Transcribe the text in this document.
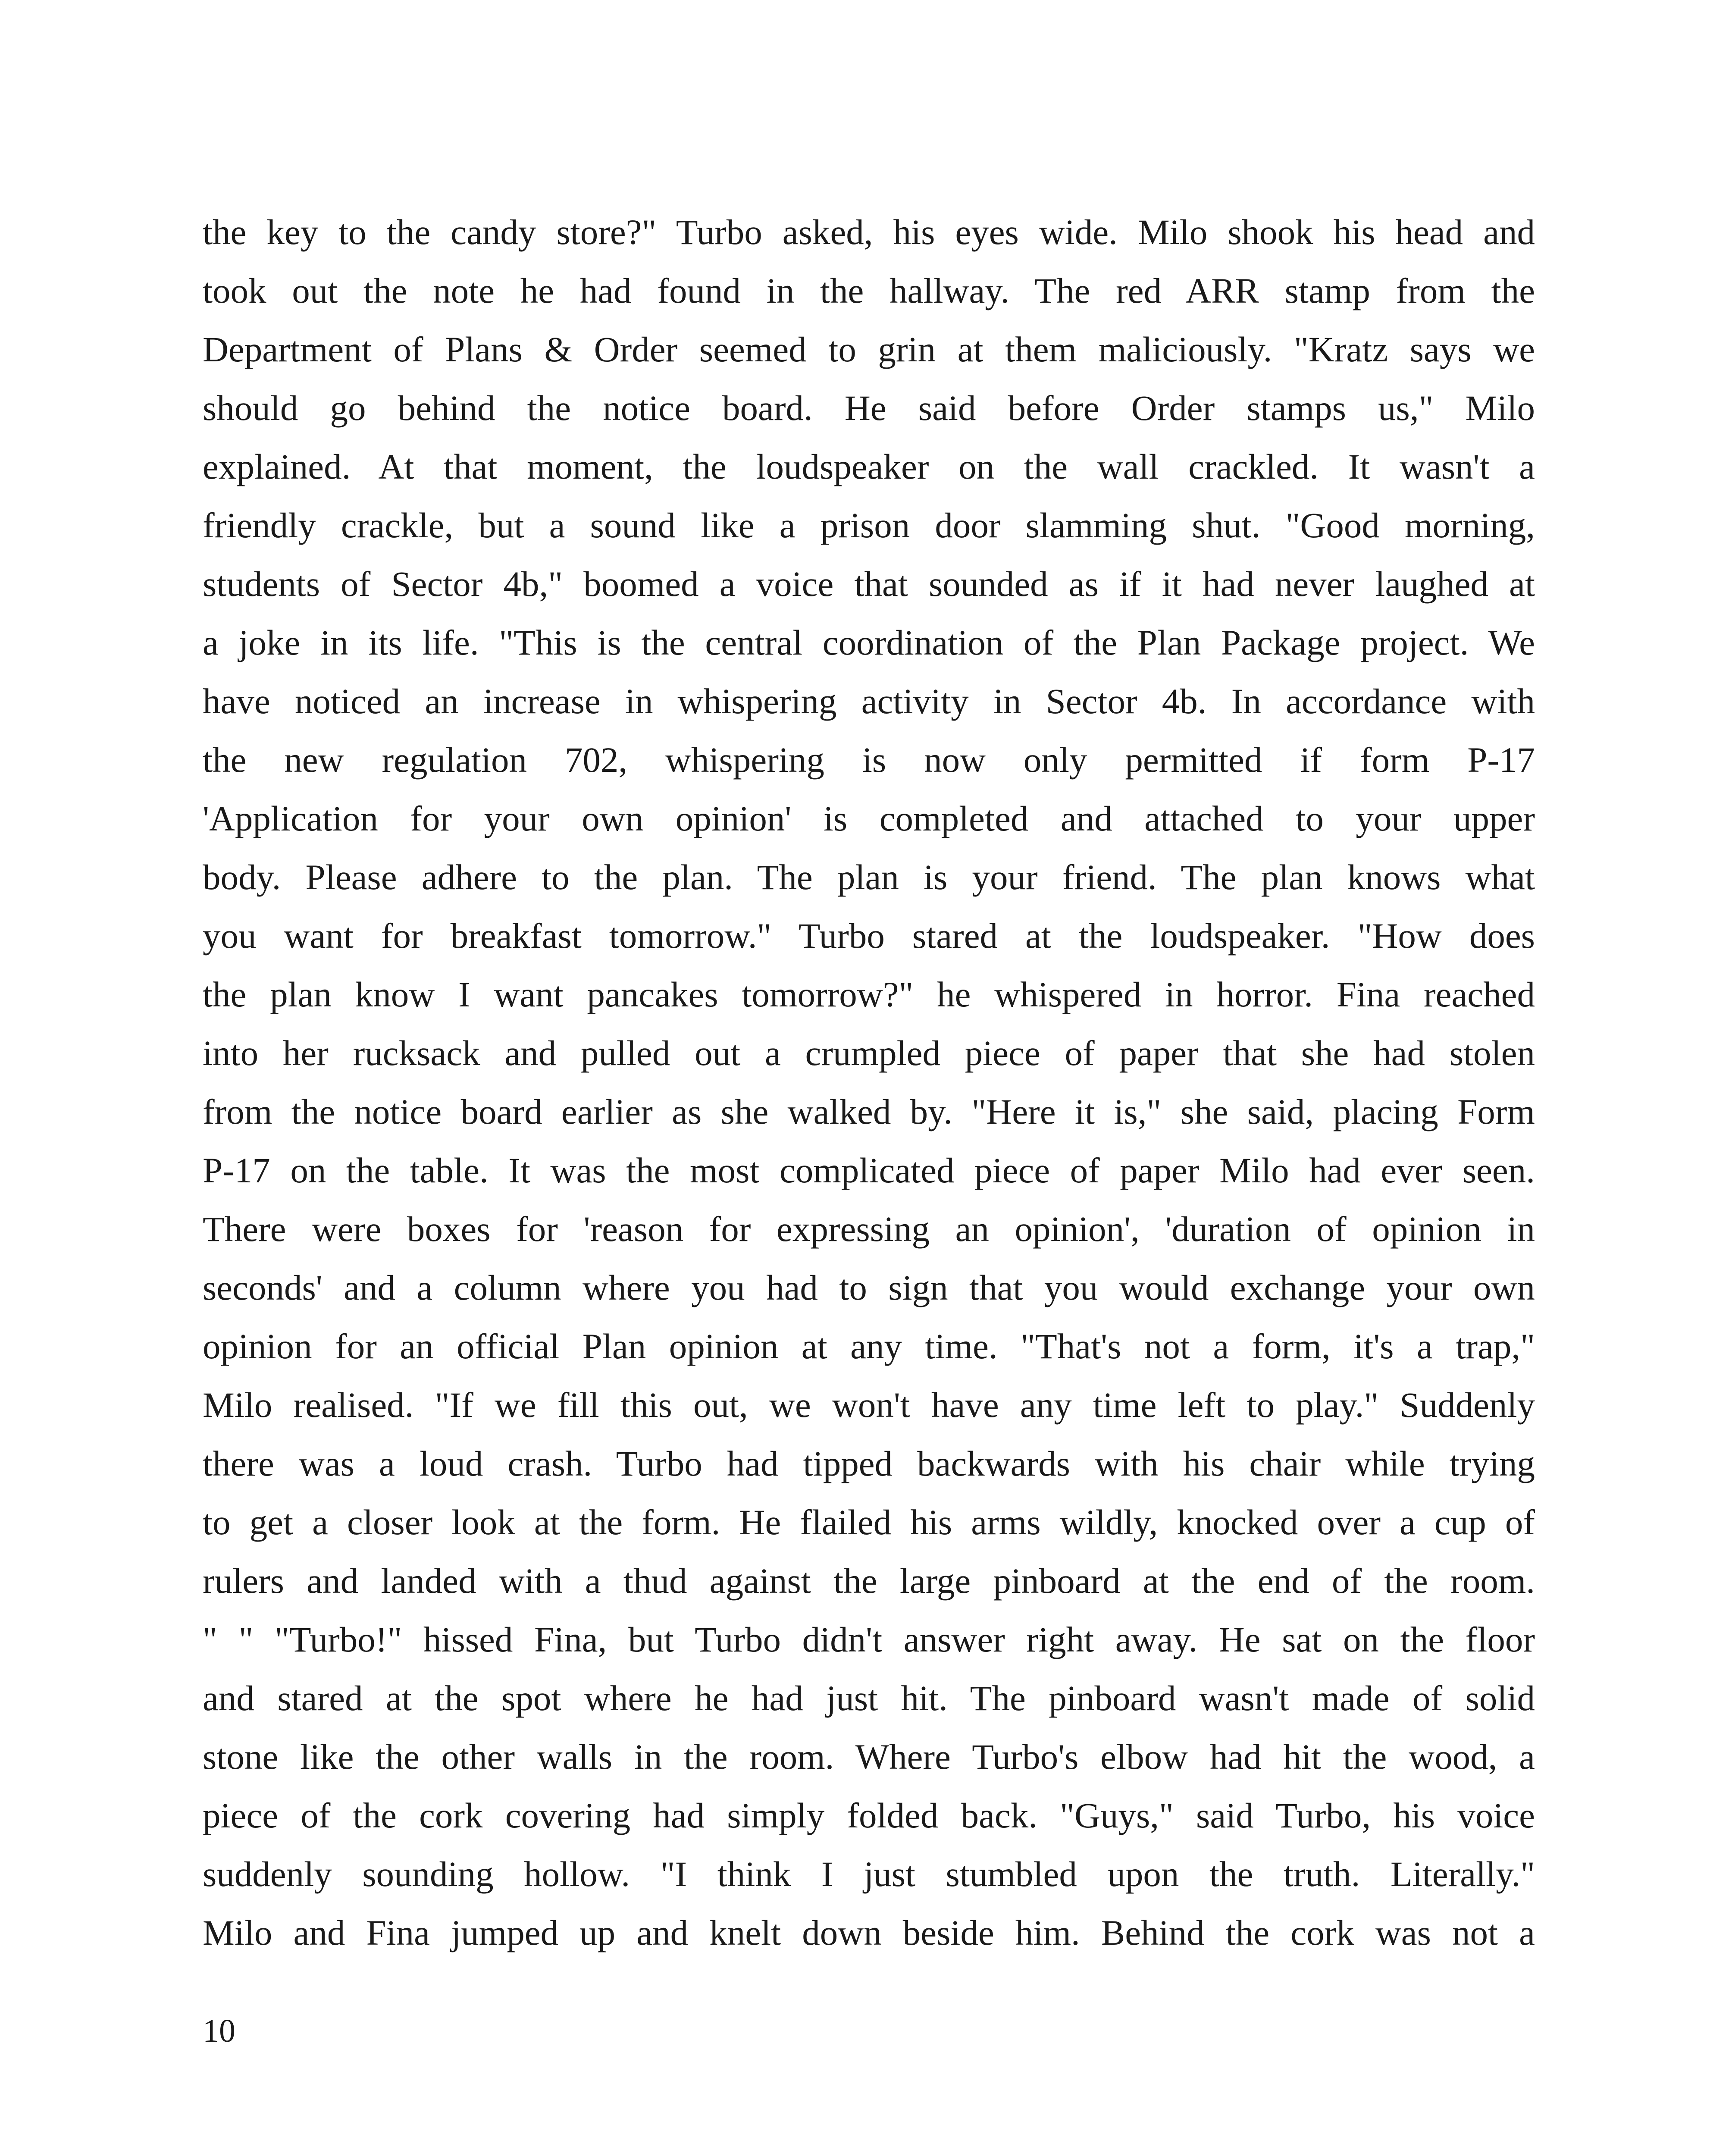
the key to the candy store?" Turbo asked, his eyes wide. Milo shook his head and
took out the note he had found in the hallway. The red ARR stamp from the
Department of Plans & Order seemed to grin at them maliciously. "Kratz says we
should go behind the notice board. He said before Order stamps us," Milo
explained. At that moment, the loudspeaker on the wall crackled. It wasn't a
friendly crackle, but a sound like a prison door slamming shut. "Good morning,
students of Sector 4b," boomed a voice that sounded as if it had never laughed at
a joke in its life. "This is the central coordination of the Plan Package project. We
have noticed an increase in whispering activity in Sector 4b. In accordance with
the new regulation 702, whispering is now only permitted if form P-17
'Application for your own opinion' is completed and attached to your upper
body. Please adhere to the plan. The plan is your friend. The plan knows what
you want for breakfast tomorrow." Turbo stared at the loudspeaker. "How does
the plan know I want pancakes tomorrow?" he whispered in horror. Fina reached
into her rucksack and pulled out a crumpled piece of paper that she had stolen
from the notice board earlier as she walked by. "Here it is," she said, placing Form
P-17 on the table. It was the most complicated piece of paper Milo had ever seen.
There were boxes for 'reason for expressing an opinion', 'duration of opinion in
seconds' and a column where you had to sign that you would exchange your own
opinion for an official Plan opinion at any time. "That's not a form, it's a trap,"
Milo realised. "If we fill this out, we won't have any time left to play." Suddenly
there was a loud crash. Turbo had tipped backwards with his chair while trying
to get a closer look at the form. He flailed his arms wildly, knocked over a cup of
rulers and landed with a thud against the large pinboard at the end of the room.
" " "Turbo!" hissed Fina, but Turbo didn't answer right away. He sat on the floor
and stared at the spot where he had just hit. The pinboard wasn't made of solid
stone like the other walls in the room. Where Turbo's elbow had hit the wood, a
piece of the cork covering had simply folded back. "Guys," said Turbo, his voice
suddenly sounding hollow. "I think I just stumbled upon the truth. Literally."
Milo and Fina jumped up and knelt down beside him. Behind the cork was not a
10
